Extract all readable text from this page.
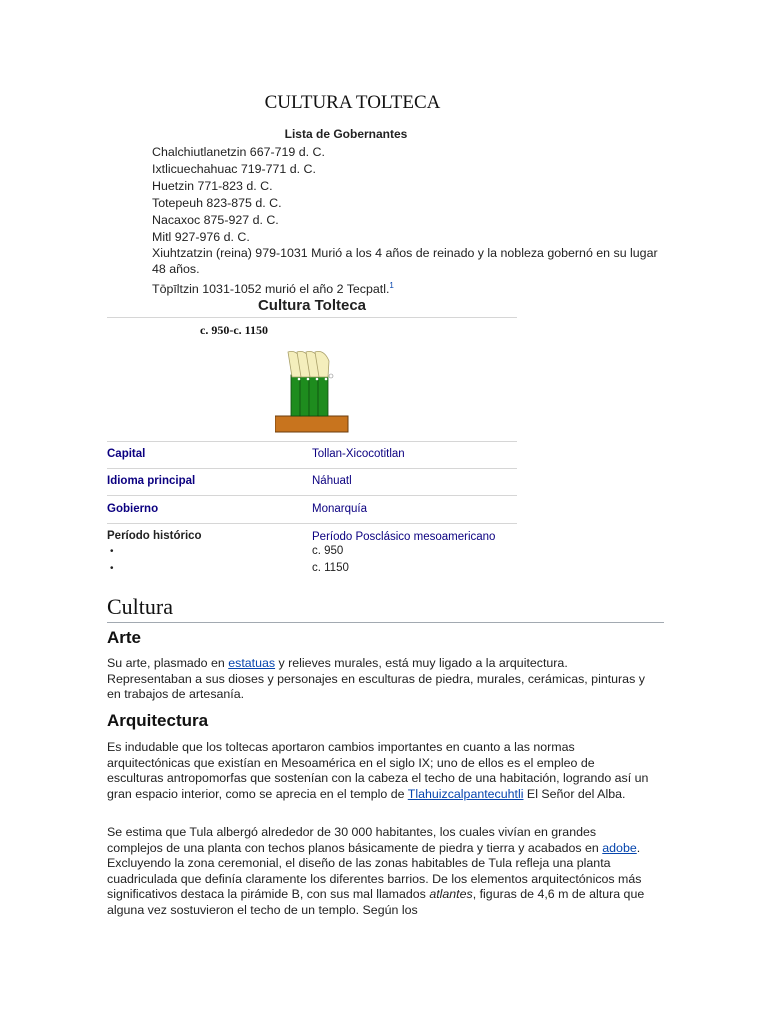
CULTURA TOLTECA
Lista de Gobernantes
Chalchiutlanetzin 667-719 d. C.
Ixtlicuechahuac 719-771 d. C.
Huetzin 771-823 d. C.
Totepeuh 823-875 d. C.
Nacaxoc 875-927 d. C.
Mitl 927-976 d. C.
Xiuhtzatzin (reina) 979-1031 Murió a los 4 años de reinado y la nobleza gobernó en su lugar 48 años.
Tōpīltzin 1031-1052 murió el año 2 Tecpatl.$^1$
Cultura Tolteca
c. 950-c. 1150
Capital	Tollan-Xicocotitlan
Idioma principal	Náhuatl
Gobierno	Monarquía
Período histórico	Período Posclásico mesoamericano
•	c. 950
•	c. 1150
Cultura
Arte
Su arte, plasmado en estatuas y relieves murales, está muy ligado a la arquitectura. Representaban a sus dioses y personajes en esculturas de piedra, murales, cerámicas, pinturas y en trabajos de artesanía.
Arquitectura
Es indudable que los toltecas aportaron cambios importantes en cuanto a las normas arquitectónicas que existían en Mesoamérica en el siglo IX; uno de ellos es el empleo de esculturas antropomorfas que sostenían con la cabeza el techo de una habitación, logrando así un gran espacio interior, como se aprecia en el templo de Tlahuizcalpantecuhtli El Señor del Alba.
Se estima que Tula albergó alrededor de 30 000 habitantes, los cuales vivían en grandes complejos de una planta con techos planos básicamente de piedra y tierra y acabados en adobe. Excluyendo la zona ceremonial, el diseño de las zonas habitables de Tula refleja una planta cuadriculada que definía claramente los diferentes barrios. De los elementos arquitectónicos más significativos destaca la pirámide B, con sus mal llamados atlantes, figuras de 4,6 m de altura que alguna vez sostuvieron el techo de un templo. Según los
